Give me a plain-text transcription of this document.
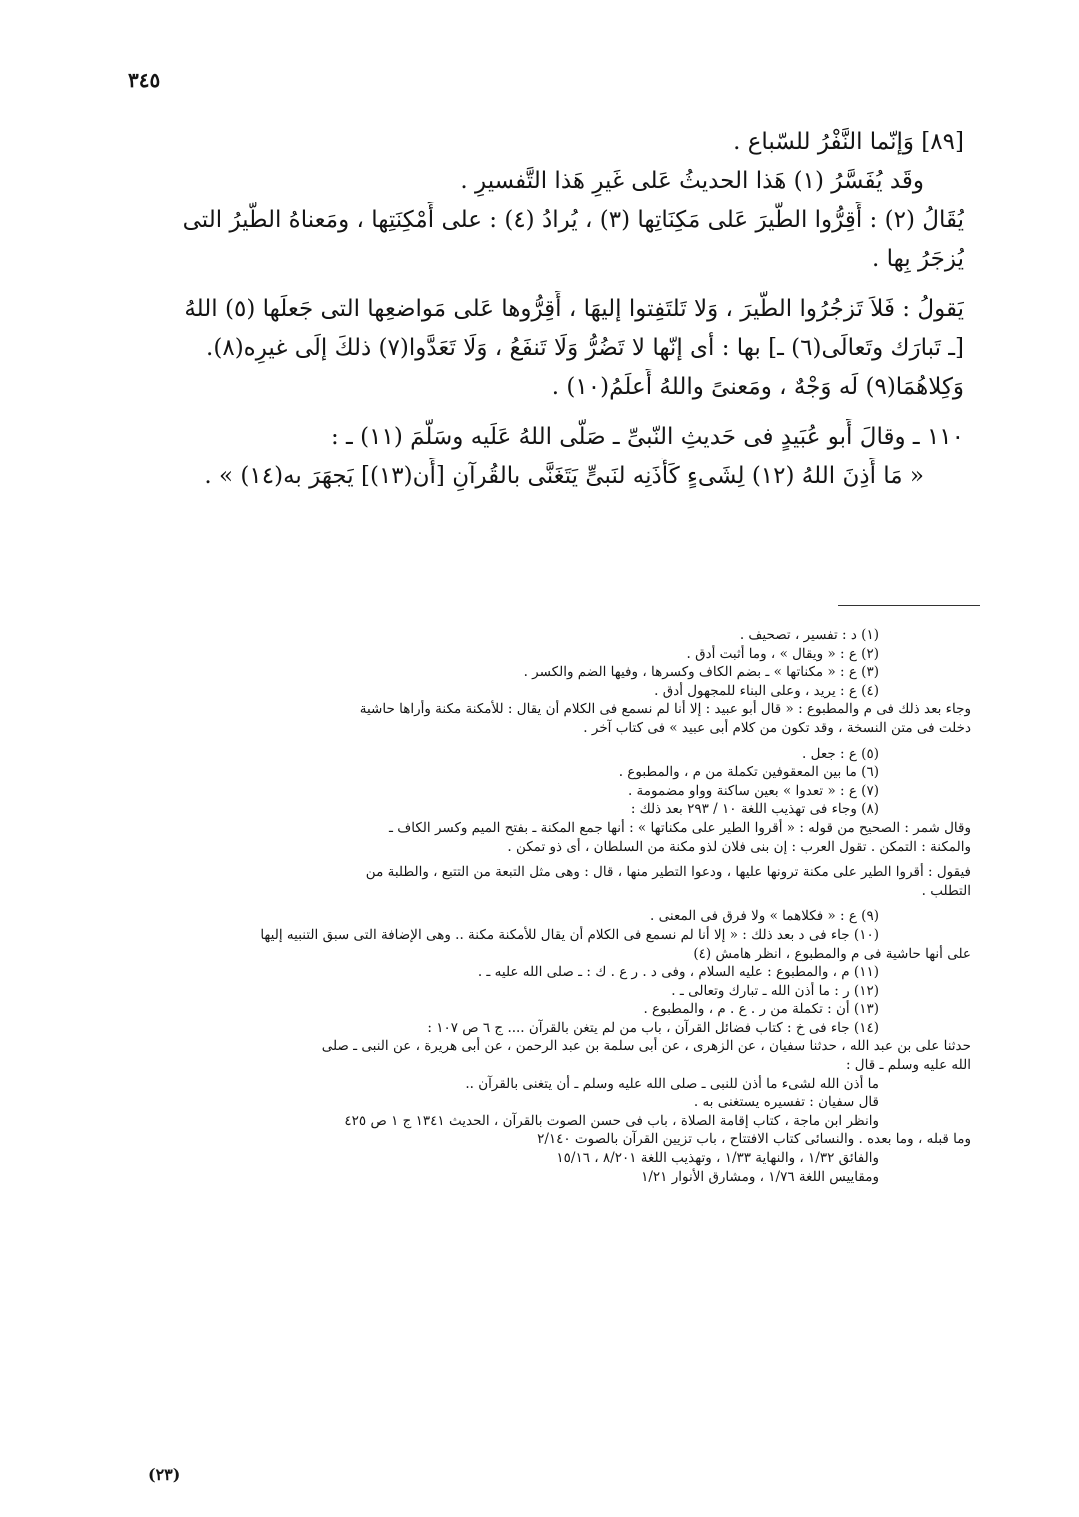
٣٤٥
[٨٩] وَإنّما النَّفْرُ للسّباع .
وقَد يُفَسَّرُ (١) هَذا الحديثُ عَلى غَيرِ هَذا التَّفسيرِ .
يُقَالُ (٢) : أَقِرُّوا الطَّيرَ عَلى مَكِنَاتِها (٣) ، يُرادُ (٤) : على أَمْكِنَتِها ، ومَعناهُ الطَّيرُ التى
يُزجَرُ بِها .
يَقولُ : فَلاَ تَزجُرُوا الطَّيرَ ، وَلا تَلتَفِتوا إليهَا ، أَقِرُّوها عَلى مَواضعِها التى جَعلَها (٥) اللهُ
[ـ تَبارَك وتَعالَى(٦) ـ] بها : أى إنّها لا تَضُرُّ وَلَا تَنفَعُ ، وَلَا تَعَدَّوا(٧) ذلكَ إلَى غيرِه(٨).
وَكِلاهُمَا(٩) لَه وَجْهٌ ، ومَعنىً واللهُ أَعلَمُ(١٠) .
١١٠ ـ وقالَ أَبو عُبَيدٍ فى حَديثِ النّبىِّ ـ صَلَّى اللهُ عَلَيه وسَلَّمَ (١١) ـ :
« مَا أَذِنَ اللهُ (١٢) لِشَىءٍ كَأَذَنِه لنَبىٍّ يَتَغَنَّى بالقُرآنِ [أَن(١٣)] يَجهَرَ به(١٤) » .
(١) د : تفسير ، تصحيف .
(٢) ع : « ويقال » ، وما أثبت أدق .
(٣) ع : « مكناتها » ـ بضم الكاف وكسرها ، وفيها الضم والكسر .
(٤) ع : يريد ، وعلى البناء للمجهول أدق .
وجاء بعد ذلك فى م والمطبوع : « قال أبو عبيد : إلا أنا لم نسمع فى الكلام أن يقال : للأمكنة مكنة وأراها حاشية
دخلت فى متن النسخة ، وقد تكون من كلام أبى عبيد » فى كتاب آخر .
(٥) ع : جعل .
(٦) ما بين المعقوفين تكملة من م ، والمطبوع .
(٧) ع : « تعدوا » بعين ساكنة وواو مضمومة .
(٨) وجاء فى تهذيب اللغة ١٠ / ٢٩٣ بعد ذلك :
وقال شمر : الصحيح من قوله : « أقروا الطير على مكناتها » : أنها جمع المكنة ـ بفتح الميم وكسر الكاف ـ
والمكنة : التمكن . تقول العرب : إن بنى فلان لذو مكنة من السلطان ، أى ذو تمكن .
فيقول : أقروا الطير على مكنة ترونها عليها ، ودعوا التطير منها ، قال : وهى مثل التبعة من التتبع ، والطلبة من
التطلب .
(٩) ع : « فكلاهما » ولا فرق فى المعنى .
(١٠) جاء فى د بعد ذلك : « إلا أنا لم نسمع فى الكلام أن يقال للأمكنة مكنة .. وهى الإضافة التى سبق التنبيه إليها
على أنها حاشية فى م والمطبوع ، انظر هامش (٤)
(١١) م ، والمطبوع : عليه السلام ، وفى د . ر ع . ك : ـ صلى الله عليه ـ .
(١٢) ر : ما أذن الله ـ تبارك وتعالى ـ .
(١٣) أن : تكملة من ر . ع . م ، والمطبوع .
(١٤) جاء فى خ : كتاب فضائل القرآن ، باب من لم يتغن بالقرآن .... ج ٦ ص ١٠٧ :
حدثنا على بن عبد الله ، حدثنا سفيان ، عن الزهرى ، عن أبى سلمة بن عبد الرحمن ، عن أبى هريرة ، عن النبى ـ صلى
الله عليه وسلم ـ قال :
ما أذن الله لشىء ما أذن للنبى ـ صلى الله عليه وسلم ـ أن يتغنى بالقرآن ..
قال سفيان : تفسيره يستغنى به .
وانظر ابن ماجة ، كتاب إقامة الصلاة ، باب فى حسن الصوت بالقرآن ، الحديث ١٣٤١ ج ١ ص ٤٢٥
وما قبله ، وما بعده . والنسائى كتاب الافتتاح ، باب تزيين القرآن بالصوت ٢/١٤٠
والفائق ١/٣٢ ، والنهاية ١/٣٣ ، وتهذيب اللغة ٨/٢٠١ ، ١٥/١٦
ومقاييس اللغة ١/٧٦ ، ومشارق الأنوار ١/٢١
(٢٣)
